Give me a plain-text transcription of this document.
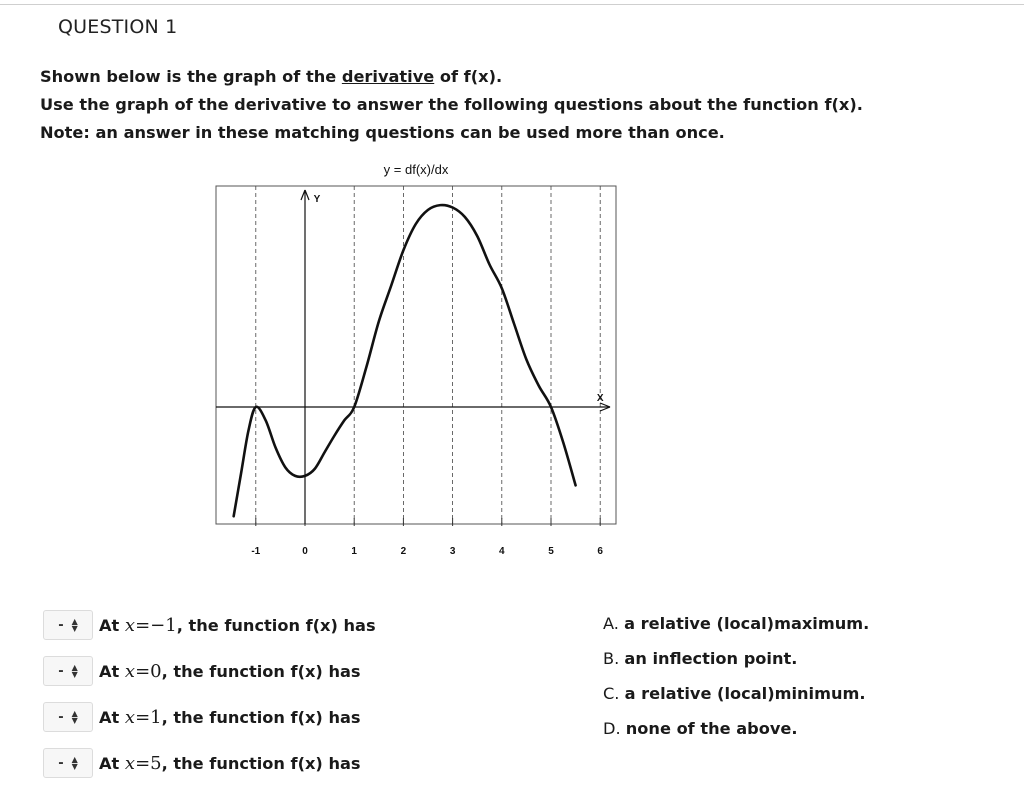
QUESTION 1
Shown below is the graph of the derivative of f(x).
Use the graph of the derivative to answer the following questions about the function f(x).
Note: an answer in these matching questions can be used more than once.
y = df(x)/dx
-1	0	1	2	3	4	5	6
X
Y
- ▲
▼ At x=−1, the function f(x) has
- ▲
▼ At x=0, the function f(x) has
- ▲
▼ At x=1, the function f(x) has
- ▲
▼ At x=5, the function f(x) has
A. a relative (local)maximum.
B. an inflection point.
C. a relative (local)minimum.
D. none of the above.
